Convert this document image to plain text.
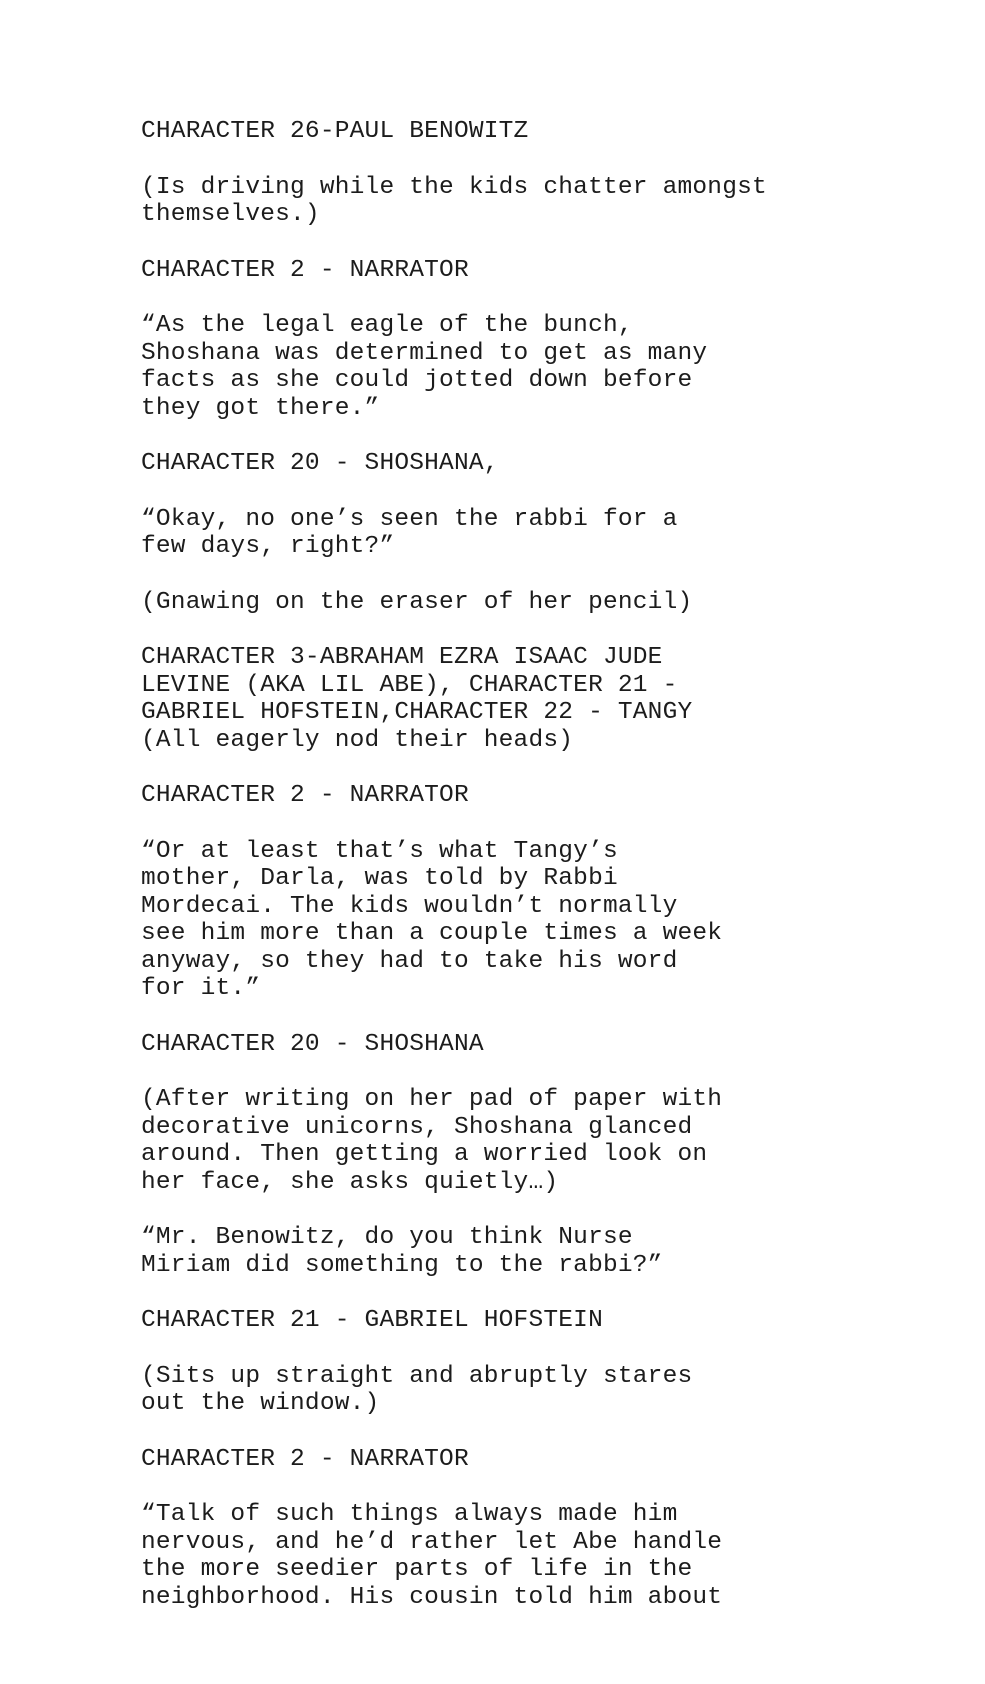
CHARACTER 26-PAUL BENOWITZ

(Is driving while the kids chatter amongst
themselves.)

CHARACTER 2 - NARRATOR

“As the legal eagle of the bunch,
Shoshana was determined to get as many
facts as she could jotted down before
they got there.”

CHARACTER 20 - SHOSHANA,

“Okay, no one’s seen the rabbi for a
few days, right?”

(Gnawing on the eraser of her pencil)

CHARACTER 3-ABRAHAM EZRA ISAAC JUDE
LEVINE (AKA LIL ABE), CHARACTER 21 -
GABRIEL HOFSTEIN,CHARACTER 22 - TANGY
(All eagerly nod their heads)

CHARACTER 2 - NARRATOR

“Or at least that’s what Tangy’s
mother, Darla, was told by Rabbi
Mordecai. The kids wouldn’t normally
see him more than a couple times a week
anyway, so they had to take his word
for it.”

CHARACTER 20 - SHOSHANA

(After writing on her pad of paper with
decorative unicorns, Shoshana glanced
around. Then getting a worried look on
her face, she asks quietly…)

“Mr. Benowitz, do you think Nurse
Miriam did something to the rabbi?”

CHARACTER 21 - GABRIEL HOFSTEIN

(Sits up straight and abruptly stares
out the window.)

CHARACTER 2 - NARRATOR

“Talk of such things always made him
nervous, and he’d rather let Abe handle
the more seedier parts of life in the
neighborhood. His cousin told him about
